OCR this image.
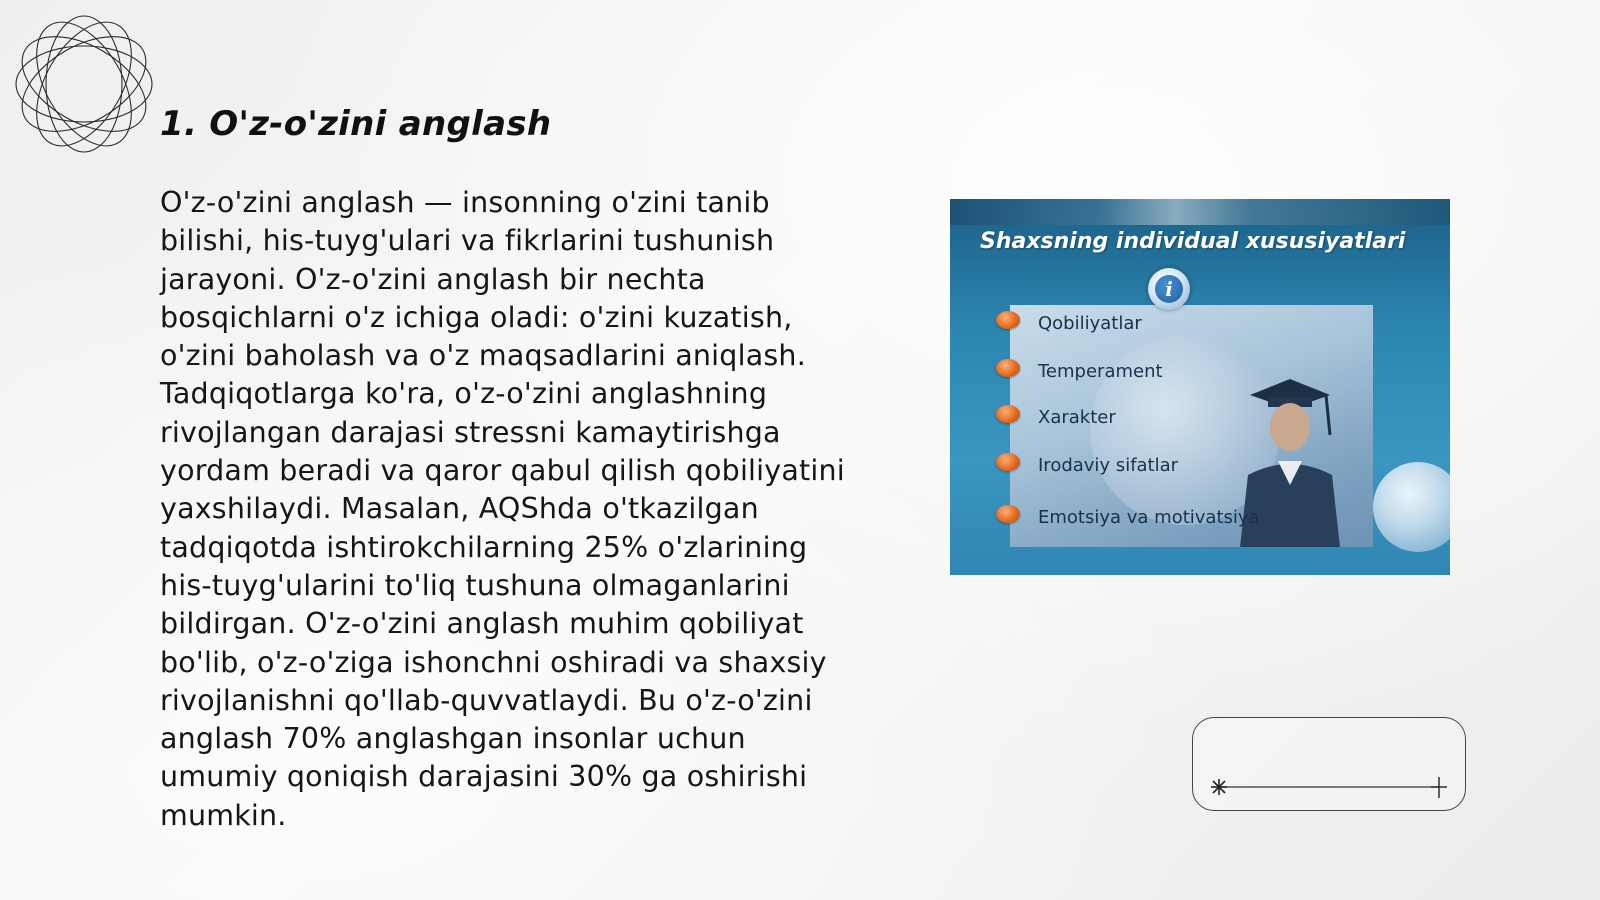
1. O'z-o'zini anglash

O'z-o'zini anglash — insonning o'zini tanib bilishi, his-tuyg'ulari va fikrlarini tushunish jarayoni. O'z-o'zini anglash bir nechta bosqichlarni o'z ichiga oladi: o'zini kuzatish, o'zini baholash va o'z maqsadlarini aniqlash. Tadqiqotlarga ko'ra, o'z-o'zini anglashning rivojlangan darajasi stressni kamaytirishga yordam beradi va qaror qabul qilish qobiliyatini yaxshilaydi. Masalan, AQShda o'tkazilgan tadqiqotda ishtirokchilarning 25% o'zlarining his-tuyg'ularini to'liq tushuna olmaganlarini bildirgan. O'z-o'zini anglash muhim qobiliyat bo'lib, o'z-o'ziga ishonchni oshiradi va shaxsiy rivojlanishni qo'llab-quvvatlaydi. Bu o'z-o'zini anglash 70% anglashgan insonlar uchun umumiy qoniqish darajasini 30% ga oshirishi mumkin.

Shaxsning individual xususiyatlari
i
Qobiliyatlar
Temperament
Xarakter
Irodaviy sifatlar
Emotsiya va motivatsiya
